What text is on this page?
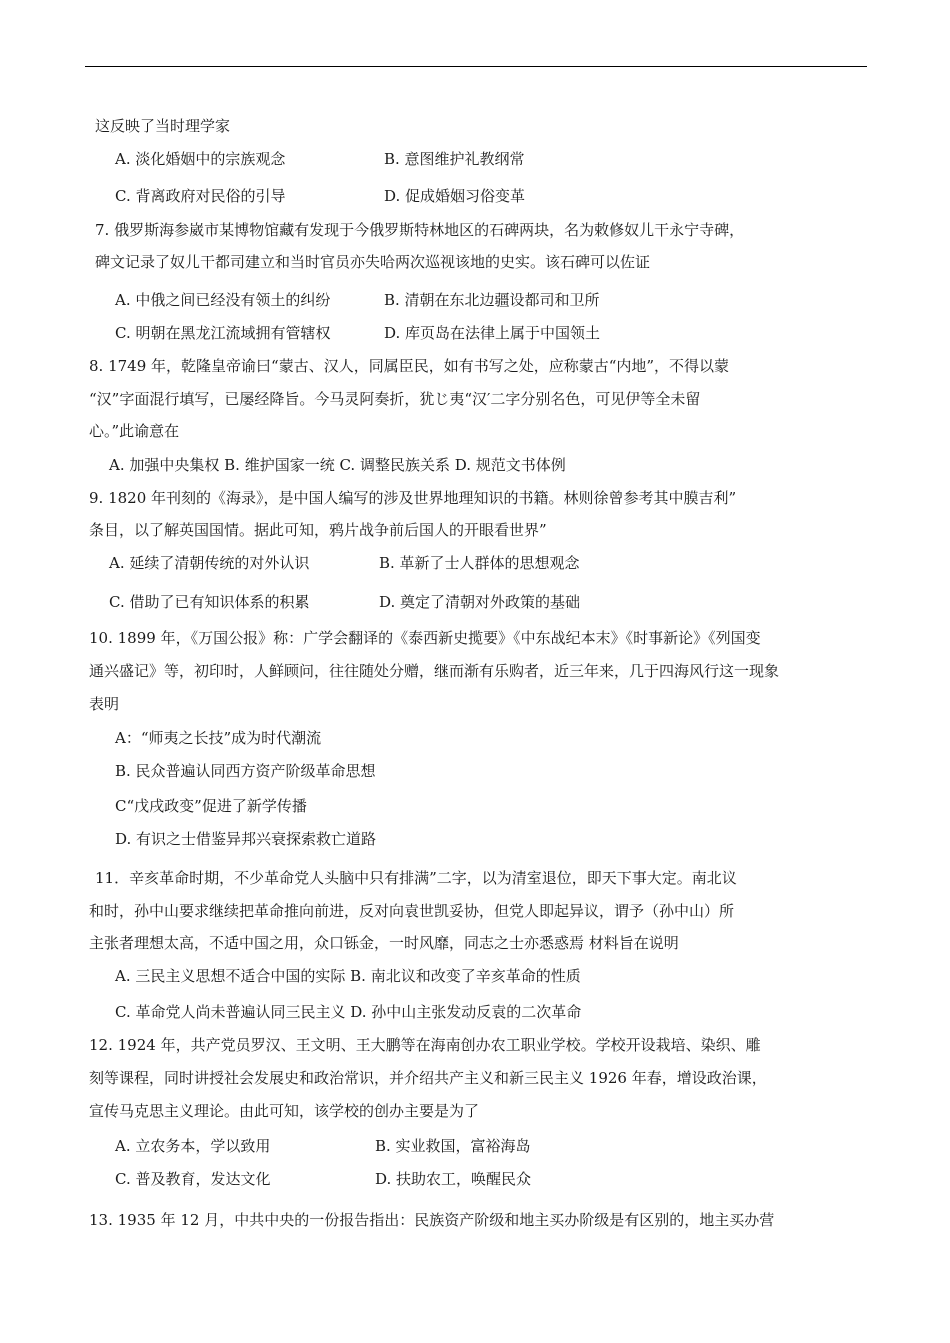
这反映了当时理学家
A. 淡化婚姻中的宗族观念	B. 意图维护礼教纲常
C. 背离政府对民俗的引导	D. 促成婚姻习俗变革
7. 俄罗斯海参崴市某博物馆藏有发现于今俄罗斯特林地区的石碑两块，名为敕修奴儿干永宁寺碑，
碑文记录了奴儿干都司建立和当时官员亦失哈两次巡视该地的史实。该石碑可以佐证
A. 中俄之间已经没有领土的纠纷	B. 清朝在东北边疆设都司和卫所
C. 明朝在黑龙江流域拥有管辖权	D. 库页岛在法律上属于中国领土
8. 1749 年，乾隆皇帝谕曰“蒙古、汉人，同属臣民，如有书写之处，应称蒙古“内地”，不得以蒙
“汉”字面混行填写，已屡经降旨。今马灵阿奏折，犹じ夷“汉′二字分别名色，可见伊等全未留
心。”此谕意在
A. 加强中央集权 B. 维护国家一统 C. 调整民族关系 D. 规范文书体例
9. 1820 年刊刻的《海录》，是中国人编写的涉及世界地理知识的书籍。林则徐曾参考其中膜吉利”
条目，以了解英国国情。据此可知，鸦片战争前后国人的开眼看世界”
A. 延续了清朝传统的对外认识	B. 革新了士人群体的思想观念
C. 借助了已有知识体系的积累	D. 奠定了清朝对外政策的基础
10. 1899 年，《万国公报》称：广学会翻译的《泰西新史揽要》《中东战纪本末》《时事新论》《列国变
通兴盛记》等，初印时，人鲜顾问，往往随处分赠，继而渐有乐购者，近三年来，几于四海风行这一现象
表明
A：“师夷之长技”成为时代潮流
B. 民众普遍认同西方资产阶级革命思想
C“戊戌政变”促进了新学传播
D. 有识之士借鉴异邦兴衰探索救亡道路
11．辛亥革命时期，不少革命党人头脑中只有排满”二字，以为清室退位，即天下事大定。南北议
和时，孙中山要求继续把革命推向前进，反对向袁世凯妥协，但党人即起异议，谓予（孙中山）所
主张者理想太高，不适中国之用，众口铄金，一时风靡，同志之士亦悉惑焉 材料旨在说明
A. 三民主义思想不适合中国的实际 B. 南北议和改变了辛亥革命的性质
C. 革命党人尚未普遍认同三民主义 D. 孙中山主张发动反袁的二次革命
12. 1924 年，共产党员罗汉、王文明、王大鹏等在海南创办农工职业学校。学校开设栽培、染织、雕
刻等课程，同时讲授社会发展史和政治常识，并介绍共产主义和新三民主义 1926 年春，增设政治课，
宣传马克思主义理论。由此可知，该学校的创办主要是为了
A. 立农务本，学以致用	B. 实业救国，富裕海岛
C. 普及教育，发达文化	D. 扶助农工，唤醒民众
13. 1935 年 12 月，中共中央的一份报告指出：民族资产阶级和地主买办阶级是有区别的，地主买办营
